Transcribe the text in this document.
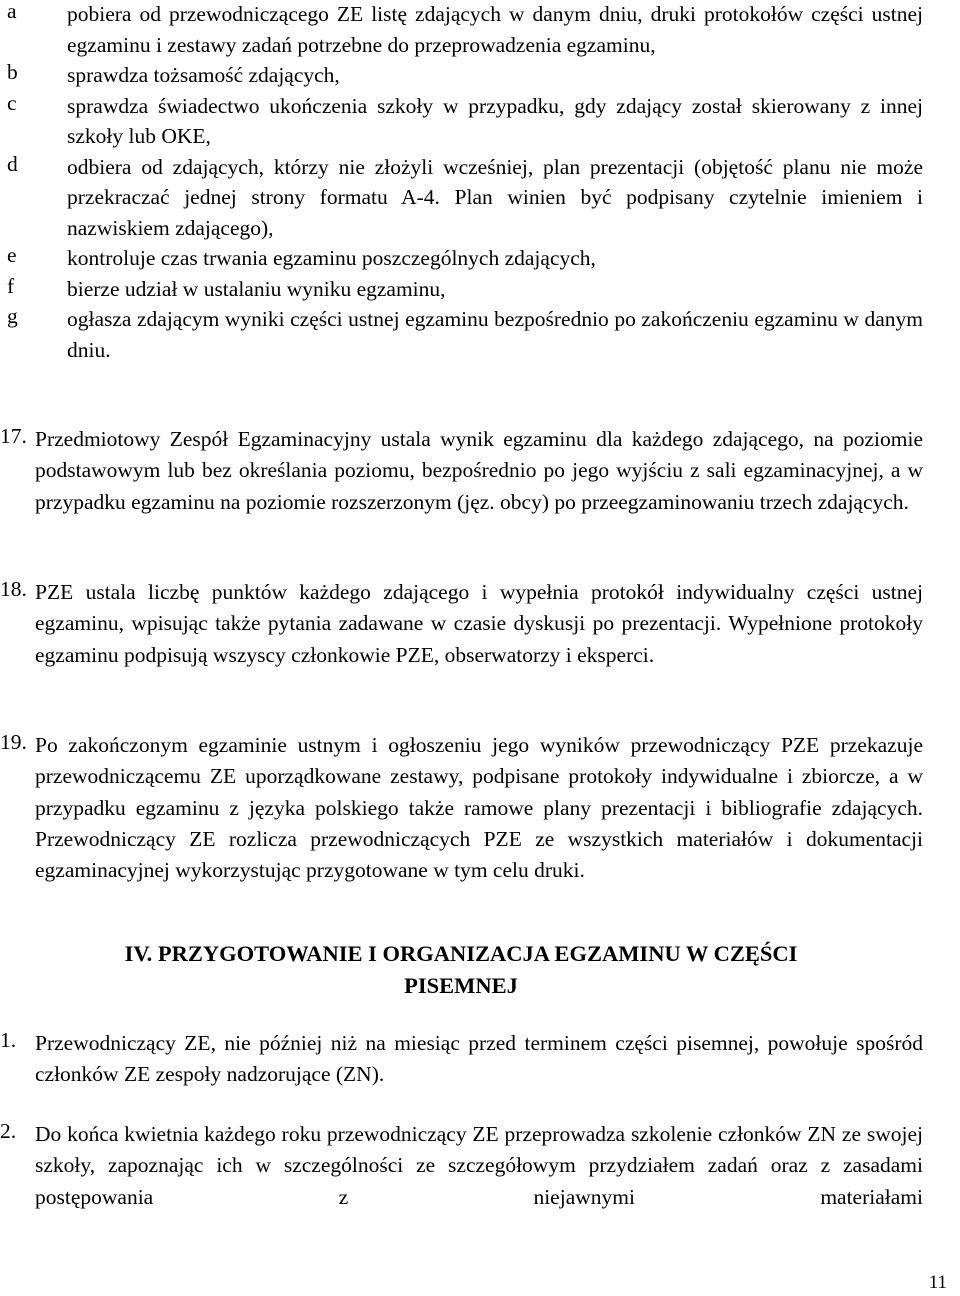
a pobiera od przewodniczącego ZE listę zdających w danym dniu, druki protokołów części ustnej egzaminu i zestawy zadań potrzebne do przeprowadzenia egzaminu,
b sprawdza tożsamość zdających,
c sprawdza świadectwo ukończenia szkoły w przypadku, gdy zdający został skierowany z innej szkoły lub OKE,
d odbiera od zdających, którzy nie złożyli wcześniej, plan prezentacji (objętość planu nie może przekraczać jednej strony formatu A-4. Plan winien być podpisany czytelnie imieniem i nazwiskiem zdającego),
e kontroluje czas trwania egzaminu poszczególnych zdających,
f bierze udział w ustalaniu wyniku egzaminu,
g ogłasza zdającym wyniki części ustnej egzaminu bezpośrednio po zakończeniu egzaminu w danym dniu.
17. Przedmiotowy Zespół Egzaminacyjny ustala wynik egzaminu dla każdego zdającego, na poziomie podstawowym lub bez określania poziomu, bezpośrednio po jego wyjściu z sali egzaminacyjnej, a w przypadku egzaminu na poziomie rozszerzonym (jęz. obcy) po przeegzaminowaniu trzech zdających.
18. PZE ustala liczbę punktów każdego zdającego i wypełnia protokół indywidualny części ustnej egzaminu, wpisując także pytania zadawane w czasie dyskusji po prezentacji. Wypełnione protokoły egzaminu podpisują wszyscy członkowie PZE, obserwatorzy i eksperci.
19. Po zakończonym egzaminie ustnym i ogłoszeniu jego wyników przewodniczący PZE przekazuje przewodniczącemu ZE uporządkowane zestawy, podpisane protokoły indywidualne i zbiorcze, a w przypadku egzaminu z języka polskiego także ramowe plany prezentacji i bibliografie zdających. Przewodniczący ZE rozlicza przewodniczących PZE ze wszystkich materiałów i dokumentacji egzaminacyjnej wykorzystując przygotowane w tym celu druki.
IV. PRZYGOTOWANIE I ORGANIZACJA EGZAMINU W CZĘŚCI
PISEMNEJ
1. Przewodniczący ZE, nie później niż na miesiąc przed terminem części pisemnej, powołuje spośród członków ZE zespoły nadzorujące (ZN).
2. Do końca kwietnia każdego roku przewodniczący ZE przeprowadza szkolenie członków ZN ze swojej szkoły, zapoznając ich w szczególności ze szczegółowym przydziałem zadań oraz z zasadami postępowania z niejawnymi materiałami
11
